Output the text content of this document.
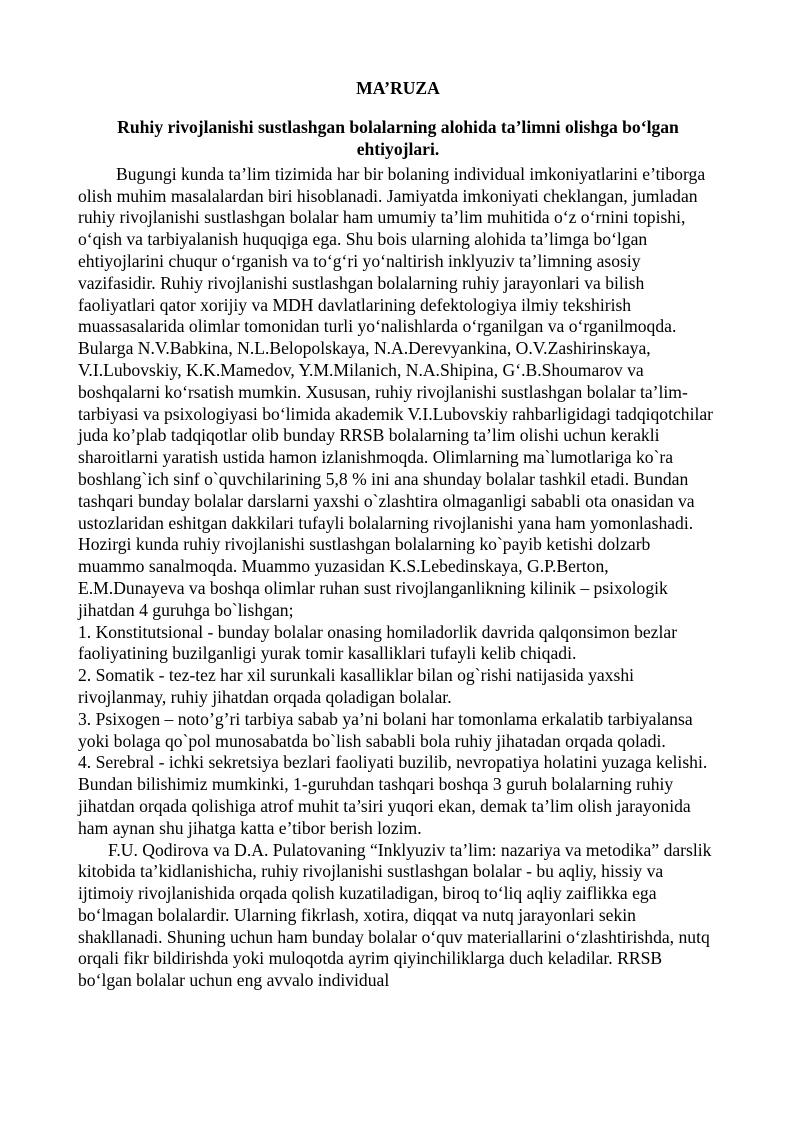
MA’RUZA
Ruhiy rivojlanishi sustlashgan bolalarning alohida ta’limni olishga bo‘lgan ehtiyojlari.

Bugungi kunda ta’lim tizimida har bir bolaning individual imkoniyatlarini e’tiborga olish muhim masalalardan biri hisoblanadi. Jamiyatda imkoniyati cheklangan, jumladan ruhiy rivojlanishi sustlashgan bolalar ham umumiy ta’lim muhitida o‘z o‘rnini topishi, o‘qish va tarbiyalanish huquqiga ega. Shu bois ularning alohida ta’limga bo‘lgan ehtiyojlarini chuqur o‘rganish va to‘g‘ri yo‘naltirish inklyuziv ta’limning asosiy vazifasidir. Ruhiy rivojlanishi sustlashgan bolalarning ruhiy jarayonlari va bilish faoliyatlari qator xorijiy va MDH davlatlarining defektologiya ilmiy tekshirish muassasalarida olimlar tomonidan turli yo‘nalishlarda o‘rganilgan va o‘rganilmoqda. Bularga N.V.Babkina, N.L.Belopolskaya, N.A.Derevyankina, O.V.Zashirinskaya, V.I.Lubovskiy, K.K.Mamedov, Y.M.Milanich, N.A.Shipina, G‘.B.Shoumarov va boshqalarni ko‘rsatish mumkin. Xususan, ruhiy rivojlanishi sustlashgan bolalar ta’lim-tarbiyasi va psixologiyasi bo‘limida akademik V.I.Lubovskiy rahbarligidagi tadqiqotchilar juda ko’plab tadqiqotlar olib bunday RRSB bolalarning ta’lim olishi uchun kerakli sharoitlarni yaratish ustida hamon izlanishmoqda. Olimlarning ma`lumotlariga ko`ra boshlang`ich sinf o`quvchilarining 5,8 % ini ana shunday bolalar tashkil etadi. Bundan tashqari bunday bolalar darslarni yaxshi o`zlashtira olmaganligi sababli ota onasidan va ustozlaridan eshitgan dakkilari tufayli bolalarning rivojlanishi yana ham yomonlashadi. Hozirgi kunda ruhiy rivojlanishi sustlashgan bolalarning ko`payib ketishi dolzarb muammo sanalmoqda. Muammo yuzasidan K.S.Lebedinskaya, G.P.Berton, E.M.Dunayeva va boshqa olimlar ruhan sust rivojlanganlikning kilinik – psixologik jihatdan 4 guruhga bo`lishgan;

1. Konstitutsional - bunday bolalar onasing homiladorlik davrida qalqonsimon bezlar faoliyatining buzilganligi yurak tomir kasalliklari tufayli kelib chiqadi.

2. Somatik - tez-tez har xil surunkali kasalliklar bilan og`rishi natijasida yaxshi rivojlanmay, ruhiy jihatdan orqada qoladigan bolalar.

3. Psixogen – noto’g’ri tarbiya sabab ya’ni bolani har tomonlama erkalatib tarbiyalansa yoki bolaga qo`pol munosabatda bo`lish sababli bola ruhiy jihatadan orqada qoladi.

4. Serebral - ichki sekretsiya bezlari faoliyati buzilib, nevropatiya holatini yuzaga kelishi.

Bundan bilishimiz mumkinki, 1-guruhdan tashqari boshqa 3 guruh bolalarning ruhiy jihatdan orqada qolishiga atrof muhit ta’siri yuqori ekan, demak ta’lim olish jarayonida ham aynan shu jihatga katta e’tibor berish lozim.

F.U. Qodirova va D.A. Pulatovaning “Inklyuziv ta’lim: nazariya va metodika” darslik kitobida ta’kidlanishicha, ruhiy rivojlanishi sustlashgan bolalar - bu aqliy, hissiy va ijtimoiy rivojlanishida orqada qolish kuzatiladigan, biroq to‘liq aqliy zaiflikka ega bo‘lmagan bolalardir. Ularning fikrlash, xotira, diqqat va nutq jarayonlari sekin shakllanadi. Shuning uchun ham bunday bolalar o‘quv materiallarini o‘zlashtirishda, nutq orqali fikr bildirishda yoki muloqotda ayrim qiyinchiliklarga duch keladilar. RRSB bo‘lgan bolalar uchun eng avvalo individual
